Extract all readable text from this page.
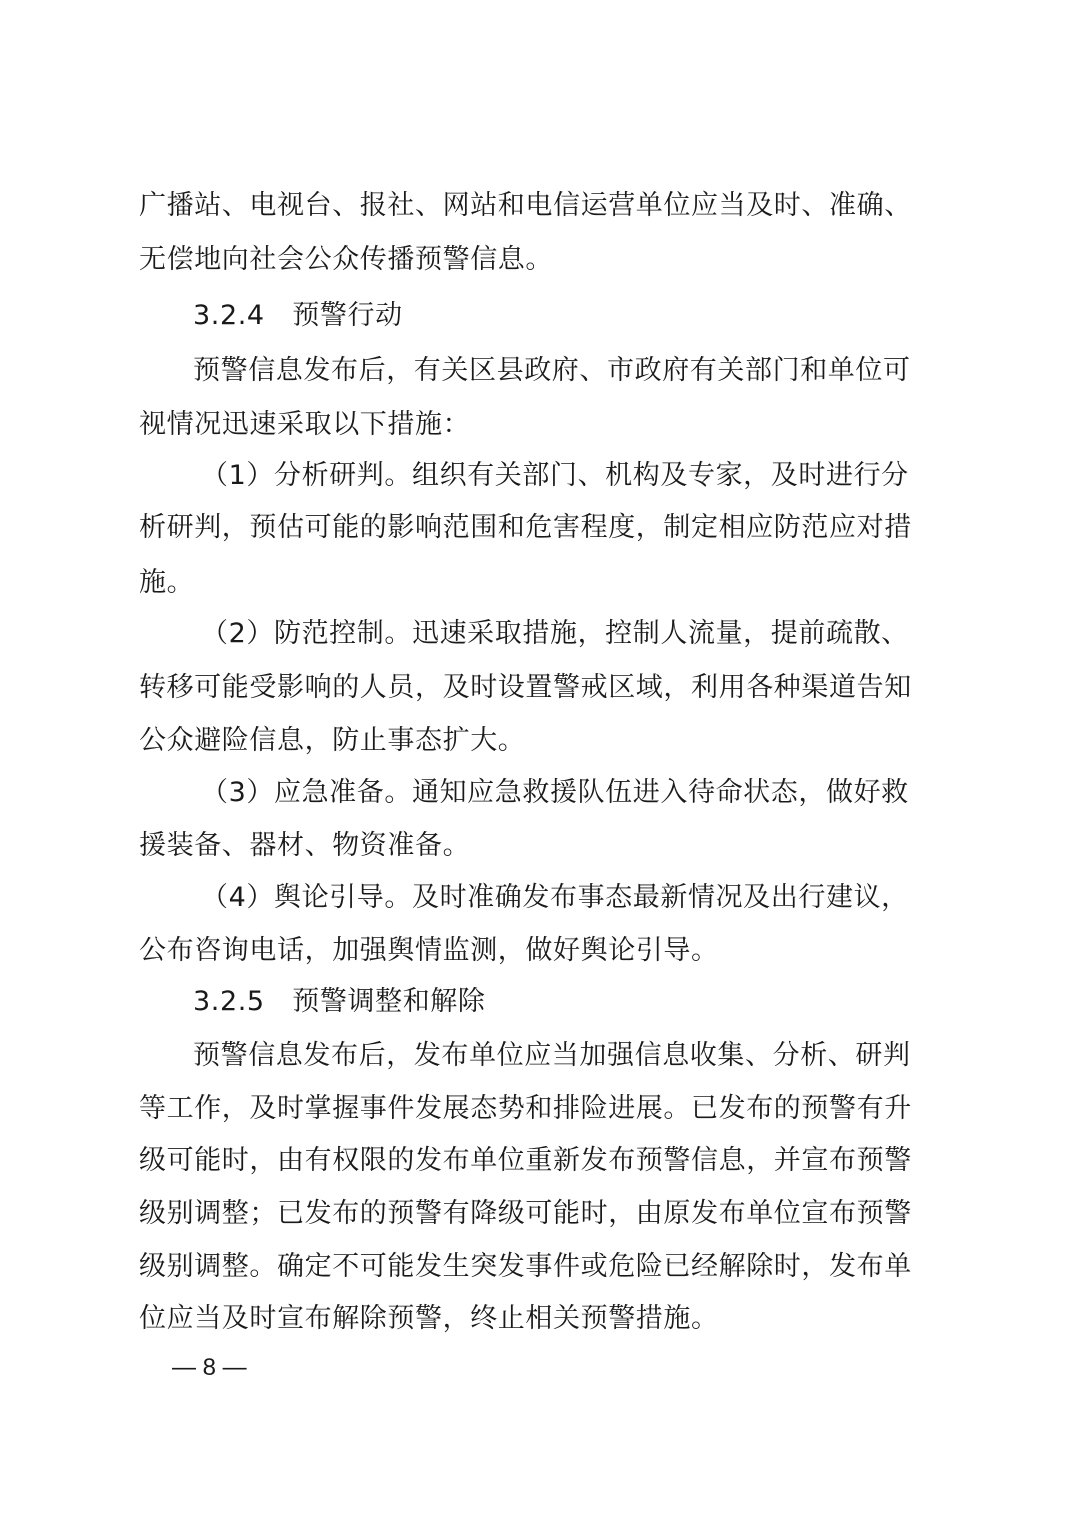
广播站、电视台、报社、网站和电信运营单位应当及时、准确、
无偿地向社会公众传播预警信息。
3.2.4　预警行动
预警信息发布后，有关区县政府、市政府有关部门和单位可
视情况迅速采取以下措施：
（1）分析研判。组织有关部门、机构及专家，及时进行分
析研判，预估可能的影响范围和危害程度，制定相应防范应对措
施。
（2）防范控制。迅速采取措施，控制人流量，提前疏散、
转移可能受影响的人员，及时设置警戒区域，利用各种渠道告知
公众避险信息，防止事态扩大。
（3）应急准备。通知应急救援队伍进入待命状态，做好救
援装备、器材、物资准备。
（4）舆论引导。及时准确发布事态最新情况及出行建议，
公布咨询电话，加强舆情监测，做好舆论引导。
3.2.5　预警调整和解除
预警信息发布后，发布单位应当加强信息收集、分析、研判
等工作，及时掌握事件发展态势和排险进展。已发布的预警有升
级可能时，由有权限的发布单位重新发布预警信息，并宣布预警
级别调整；已发布的预警有降级可能时，由原发布单位宣布预警
级别调整。确定不可能发生突发事件或危险已经解除时，发布单
位应当及时宣布解除预警，终止相关预警措施。
— 8 —
